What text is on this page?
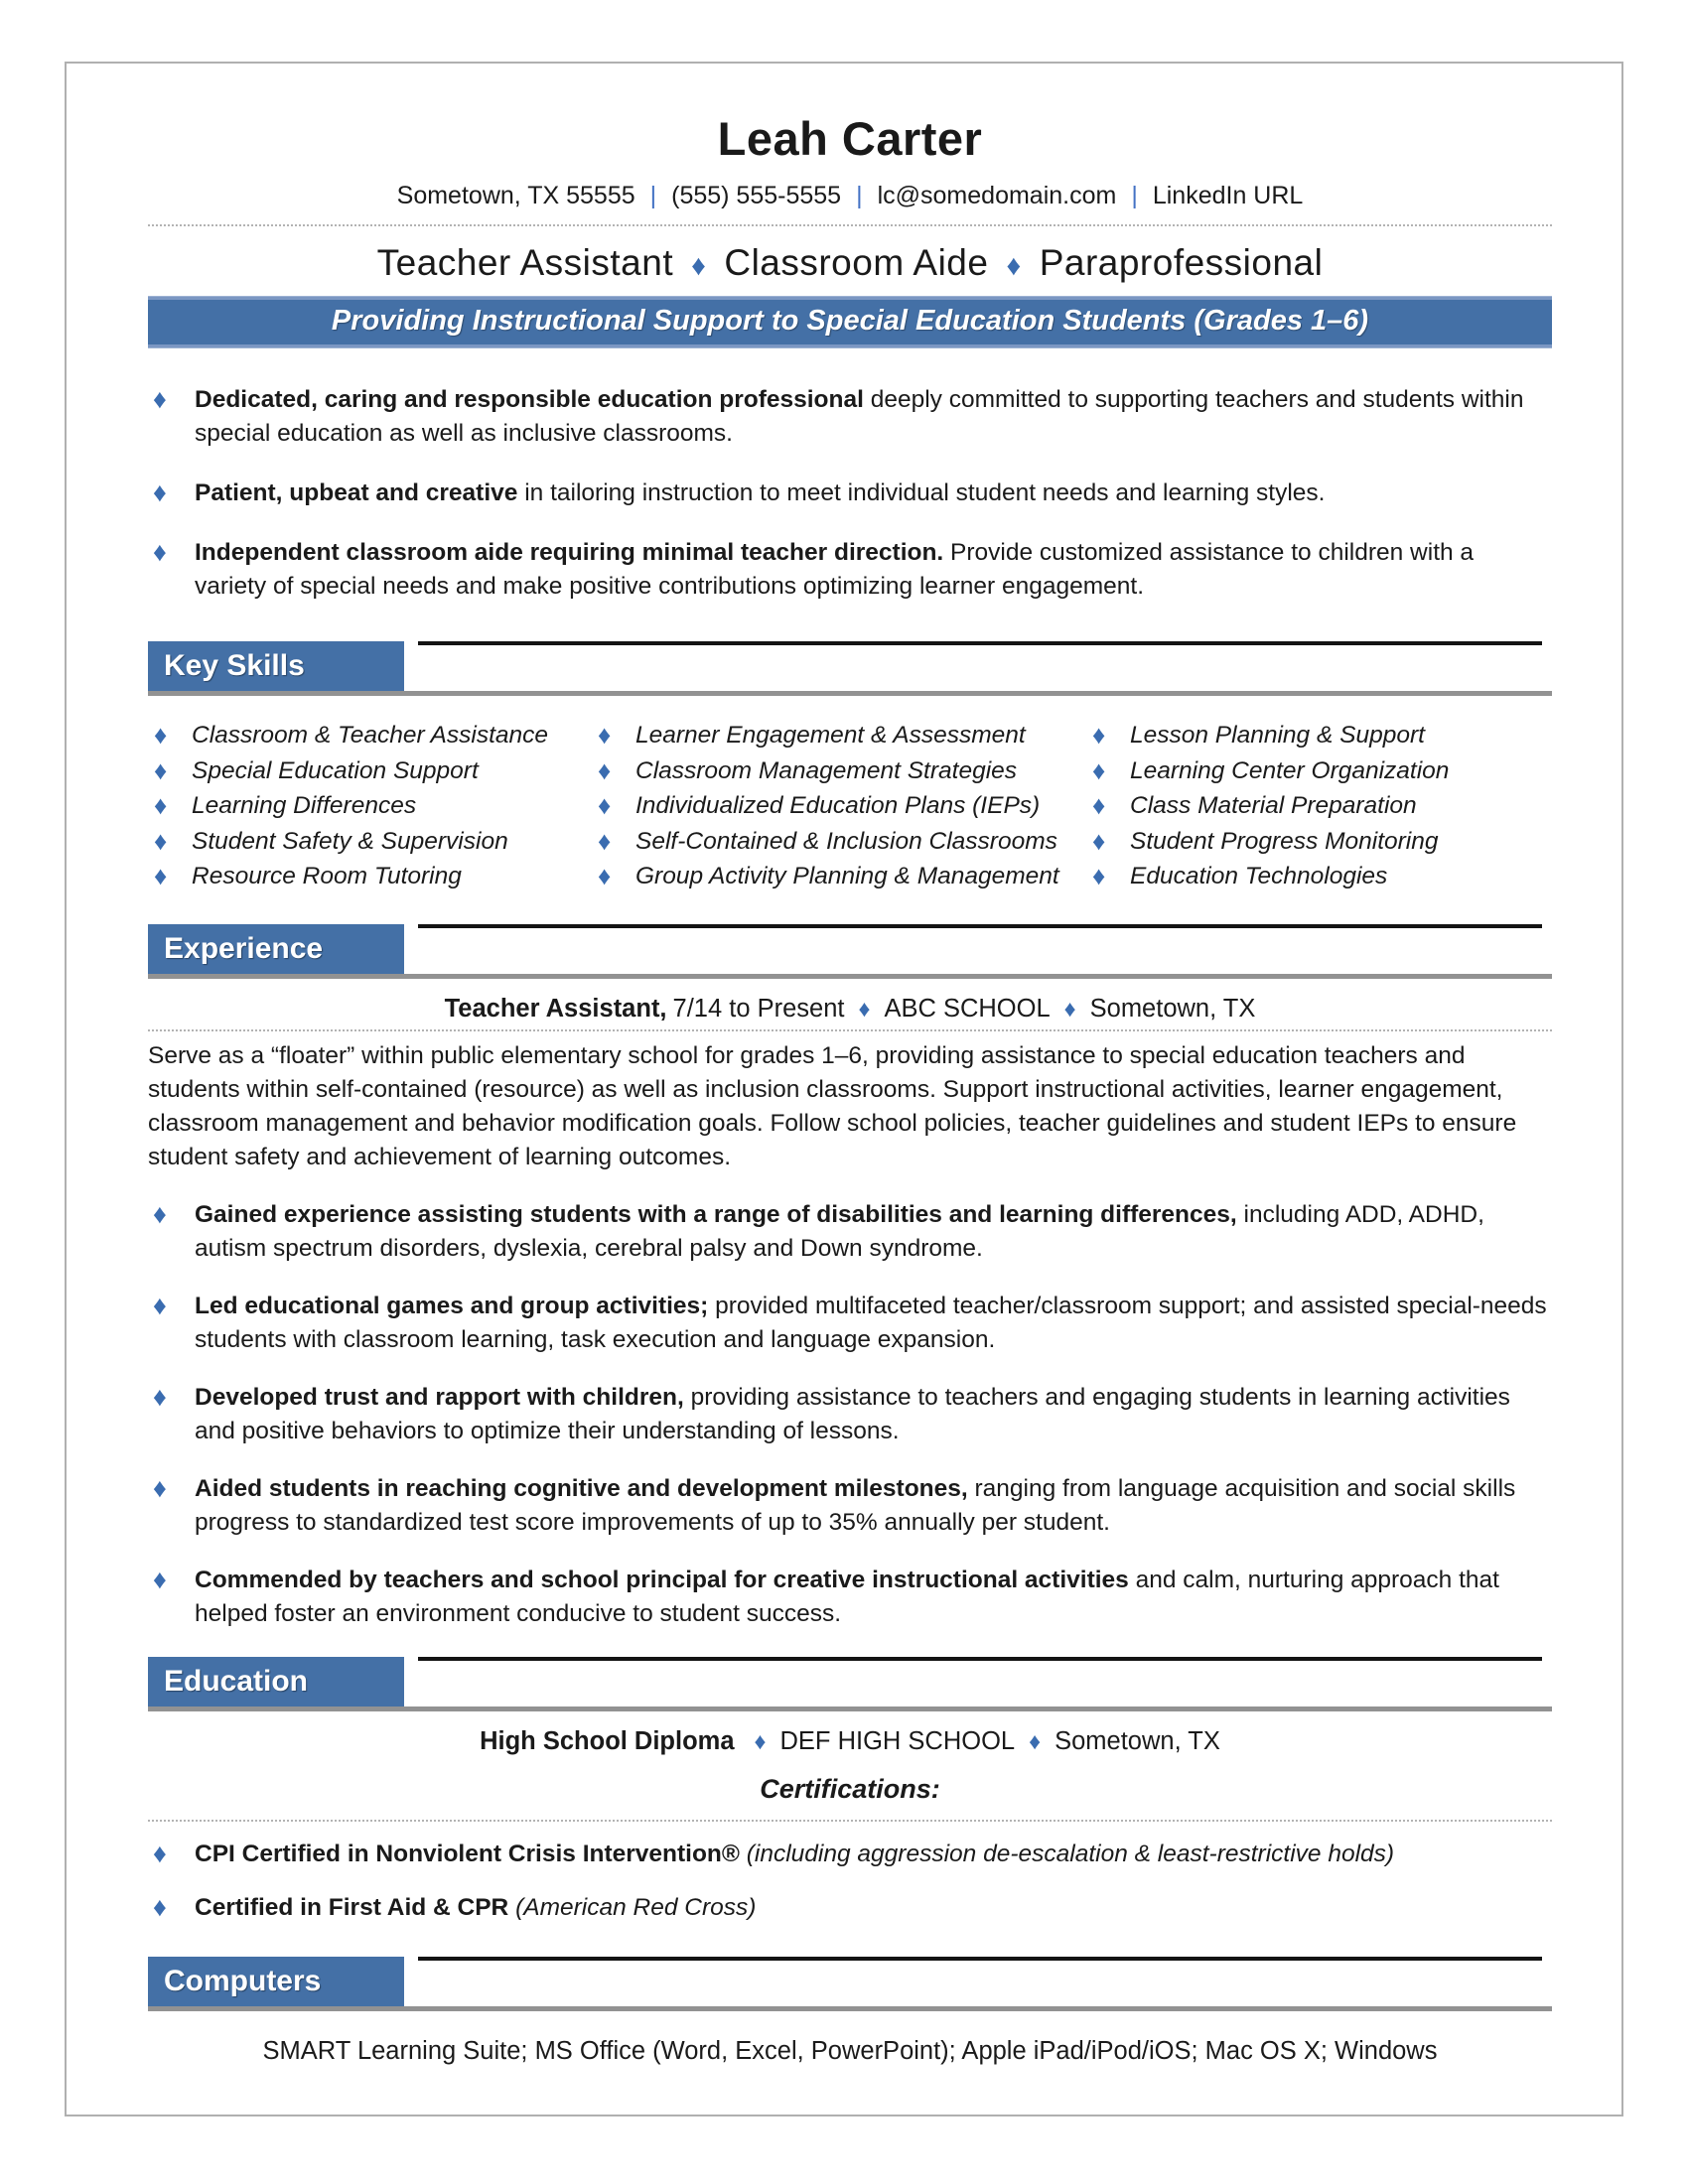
Leah Carter
Sometown, TX 55555 | (555) 555-5555 | lc@somedomain.com | LinkedIn URL
Teacher Assistant ♦ Classroom Aide ♦ Paraprofessional
Providing Instructional Support to Special Education Students (Grades 1–6)
♦ Dedicated, caring and responsible education professional deeply committed to supporting teachers and students within special education as well as inclusive classrooms.
♦ Patient, upbeat and creative in tailoring instruction to meet individual student needs and learning styles.
♦ Independent classroom aide requiring minimal teacher direction. Provide customized assistance to children with a variety of special needs and make positive contributions optimizing learner engagement.
Key Skills
♦ Classroom & Teacher Assistance
♦ Special Education Support
♦ Learning Differences
♦ Student Safety & Supervision
♦ Resource Room Tutoring
♦ Learner Engagement & Assessment
♦ Classroom Management Strategies
♦ Individualized Education Plans (IEPs)
♦ Self-Contained & Inclusion Classrooms
♦ Group Activity Planning & Management
♦ Lesson Planning & Support
♦ Learning Center Organization
♦ Class Material Preparation
♦ Student Progress Monitoring
♦ Education Technologies
Experience
Teacher Assistant, 7/14 to Present ♦ ABC SCHOOL ♦ Sometown, TX
Serve as a “floater” within public elementary school for grades 1–6, providing assistance to special education teachers and students within self-contained (resource) as well as inclusion classrooms. Support instructional activities, learner engagement, classroom management and behavior modification goals. Follow school policies, teacher guidelines and student IEPs to ensure student safety and achievement of learning outcomes.
♦ Gained experience assisting students with a range of disabilities and learning differences, including ADD, ADHD, autism spectrum disorders, dyslexia, cerebral palsy and Down syndrome.
♦ Led educational games and group activities; provided multifaceted teacher/classroom support; and assisted special-needs students with classroom learning, task execution and language expansion.
♦ Developed trust and rapport with children, providing assistance to teachers and engaging students in learning activities and positive behaviors to optimize their understanding of lessons.
♦ Aided students in reaching cognitive and development milestones, ranging from language acquisition and social skills progress to standardized test score improvements of up to 35% annually per student.
♦ Commended by teachers and school principal for creative instructional activities and calm, nurturing approach that helped foster an environment conducive to student success.
Education
High School Diploma ♦ DEF HIGH SCHOOL ♦ Sometown, TX
Certifications:
♦ CPI Certified in Nonviolent Crisis Intervention® (including aggression de-escalation & least-restrictive holds)
♦ Certified in First Aid & CPR (American Red Cross)
Computers
SMART Learning Suite; MS Office (Word, Excel, PowerPoint); Apple iPad/iPod/iOS; Mac OS X; Windows
